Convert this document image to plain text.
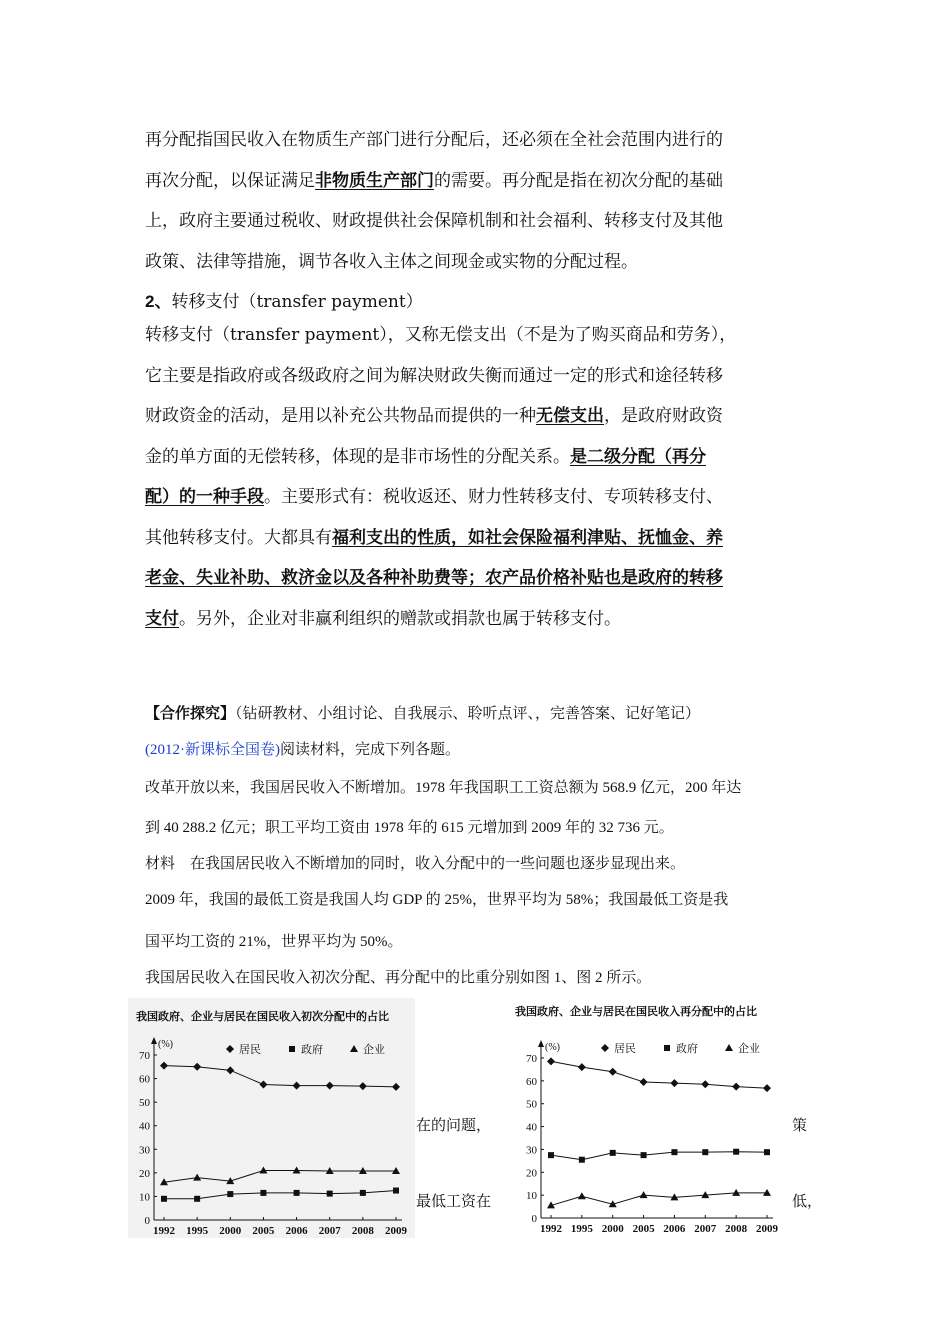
再分配指国民收入在物质生产部门进行分配后，还必须在全社会范围内进行的
再次分配，以保证满足非物质生产部门的需要。再分配是指在初次分配的基础
上，政府主要通过税收、财政提供社会保障机制和社会福利、转移支付及其他
政策、法律等措施，调节各收入主体之间现金或实物的分配过程。
2、转移支付（transfer payment）
转移支付（transfer payment），又称无偿支出（不是为了购买商品和劳务），
它主要是指政府或各级政府之间为解决财政失衡而通过一定的形式和途径转移
财政资金的活动，是用以补充公共物品而提供的一种无偿支出，是政府财政资
金的单方面的无偿转移，体现的是非市场性的分配关系。是二级分配（再分
配）的一种手段。主要形式有：税收返还、财力性转移支付、专项转移支付、
其他转移支付。大都具有福利支出的性质，如社会保险福利津贴、抚恤金、养
老金、失业补助、救济金以及各种补助费等；农产品价格补贴也是政府的转移
支付。另外，企业对非赢利组织的赠款或捐款也属于转移支付。
【合作探究】（钻研教材、小组讨论、自我展示、聆听点评、，完善答案、记好笔记）
(2012·新课标全国卷)阅读材料，完成下列各题。
改革开放以来，我国居民收入不断增加。1978 年我国职工工资总额为 568.9 亿元，200 年达
到 40 288.2 亿元；职工平均工资由 1978 年的 615 元增加到 2009 年的 32 736 元。
材料　在我国居民收入不断增加的同时，收入分配中的一些问题也逐步显现出来。
2009 年，我国的最低工资是我国人均 GDP 的 25%，世界平均为 58%；我国最低工资是我
国平均工资的 21%，世界平均为 50%。
我国居民收入在国民收入初次分配、再分配中的比重分别如图 1、图 2 所示。
我国政府、企业与居民在国民收入初次分配中的占比
(%)
0
10
20
30
40
50
60
70
1992 1995 2000 2005 2006 2007 2008 2009
居民	政府	企业
我国政府、企业与居民在国民收入再分配中的占比
(%)
0
10
20
30
40
50
60
70
1992 1995 2000 2005 2006 2007 2008 2009
居民	政府	企业
在的问题，	策
最低工资在	低，
